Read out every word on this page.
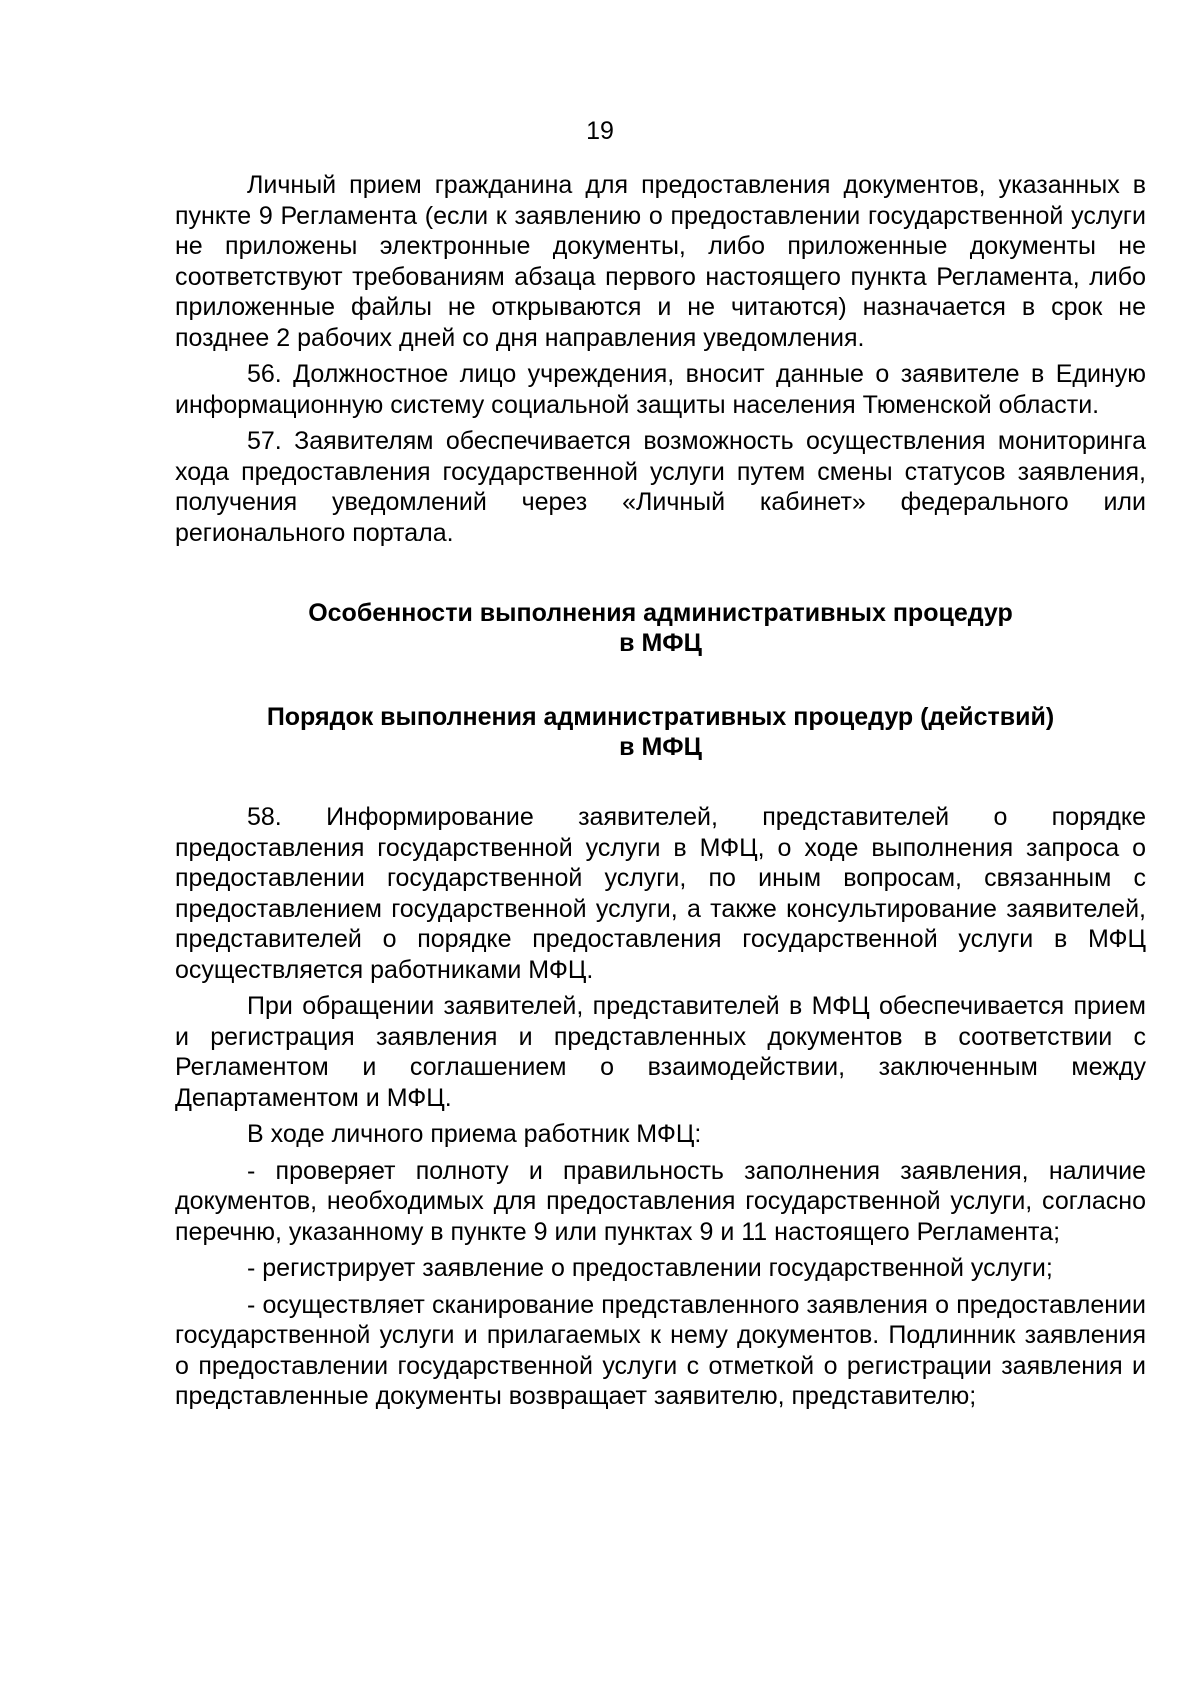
19

Личный прием гражданина для предоставления документов, указанных в пункте 9 Регламента (если к заявлению о предоставлении государственной услуги не приложены электронные документы, либо приложенные документы не соответствуют требованиям абзаца первого настоящего пункта Регламента, либо приложенные файлы не открываются и не читаются) назначается в срок не позднее 2 рабочих дней со дня направления уведомления.

56. Должностное лицо учреждения, вносит данные о заявителе в Единую информационную систему социальной защиты населения Тюменской области.

57. Заявителям обеспечивается возможность осуществления мониторинга хода предоставления государственной услуги путем смены статусов заявления, получения уведомлений через «Личный кабинет» федерального или регионального портала.

Особенности выполнения административных процедур

в МФЦ

Порядок выполнения административных процедур (действий)

в МФЦ

58. Информирование заявителей, представителей о порядке предоставления государственной услуги в МФЦ, о ходе выполнения запроса о предоставлении государственной услуги, по иным вопросам, связанным с предоставлением государственной услуги, а также консультирование заявителей, представителей о порядке предоставления государственной услуги в МФЦ осуществляется работниками МФЦ.

При обращении заявителей, представителей в МФЦ обеспечивается прием и регистрация заявления и представленных документов в соответствии с Регламентом и соглашением о взаимодействии, заключенным между Департаментом и МФЦ.

В ходе личного приема работник МФЦ:

- проверяет полноту и правильность заполнения заявления, наличие документов, необходимых для предоставления государственной услуги, согласно перечню, указанному в пункте 9 или пунктах 9 и 11 настоящего Регламента;

- регистрирует заявление о предоставлении государственной услуги;

- осуществляет сканирование представленного заявления о предоставлении государственной услуги и прилагаемых к нему документов. Подлинник заявления о предоставлении государственной услуги с отметкой о регистрации заявления и представленные документы возвращает заявителю, представителю;
